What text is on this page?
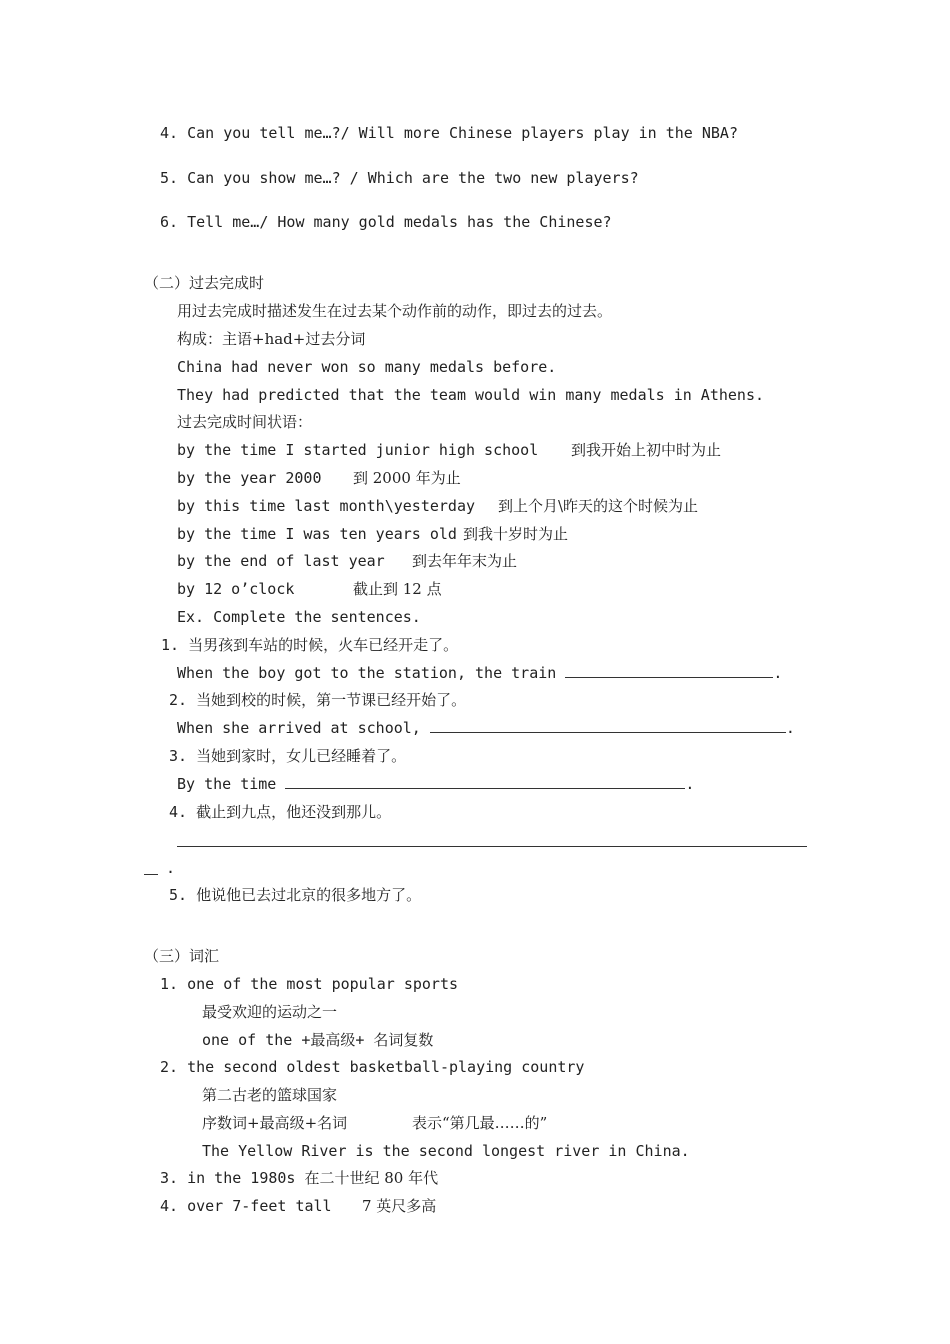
4. Can you tell me…?/ Will more Chinese players play in the NBA?
5. Can you show me…? / Which are the two new players?
6. Tell me…/ How many gold medals has the Chinese?
（二）过去完成时
用过去完成时描述发生在过去某个动作前的动作，即过去的过去。
构成：主语+had+过去分词
China had never won so many medals before.
They had predicted that the team would win many medals in Athens.
过去完成时间状语：
by the time I started junior high school 到我开始上初中时为止
by the year 2000 到 2000 年为止
by this time last month\yesterday 到上个月\昨天的这个时候为止
by the time I was ten years old 到我十岁时为止
by the end of last year 到去年年末为止
by 12 o’clock	截止到 12 点
Ex. Complete the sentences.
1. 当男孩到车站的时候，火车已经开走了。
When the boy got to the station, the train	.
2. 当她到校的时候，第一节课已经开始了。
When she arrived at school,	.
3. 当她到家时，女儿已经睡着了。
By the time	.
4. 截止到九点，他还没到那儿。
.
5. 他说他已去过北京的很多地方了。
（三）词汇
1. one of the most popular sports
最受欢迎的运动之一
one of the +最高级+ 名词复数
2. the second oldest basketball-playing country
第二古老的篮球国家
序数词+最高级+名词	表示“第几最……的”
The Yellow River is the second longest river in China.
3. in the 1980s 在二十世纪 80 年代
4. over 7-feet tall 7 英尺多高
